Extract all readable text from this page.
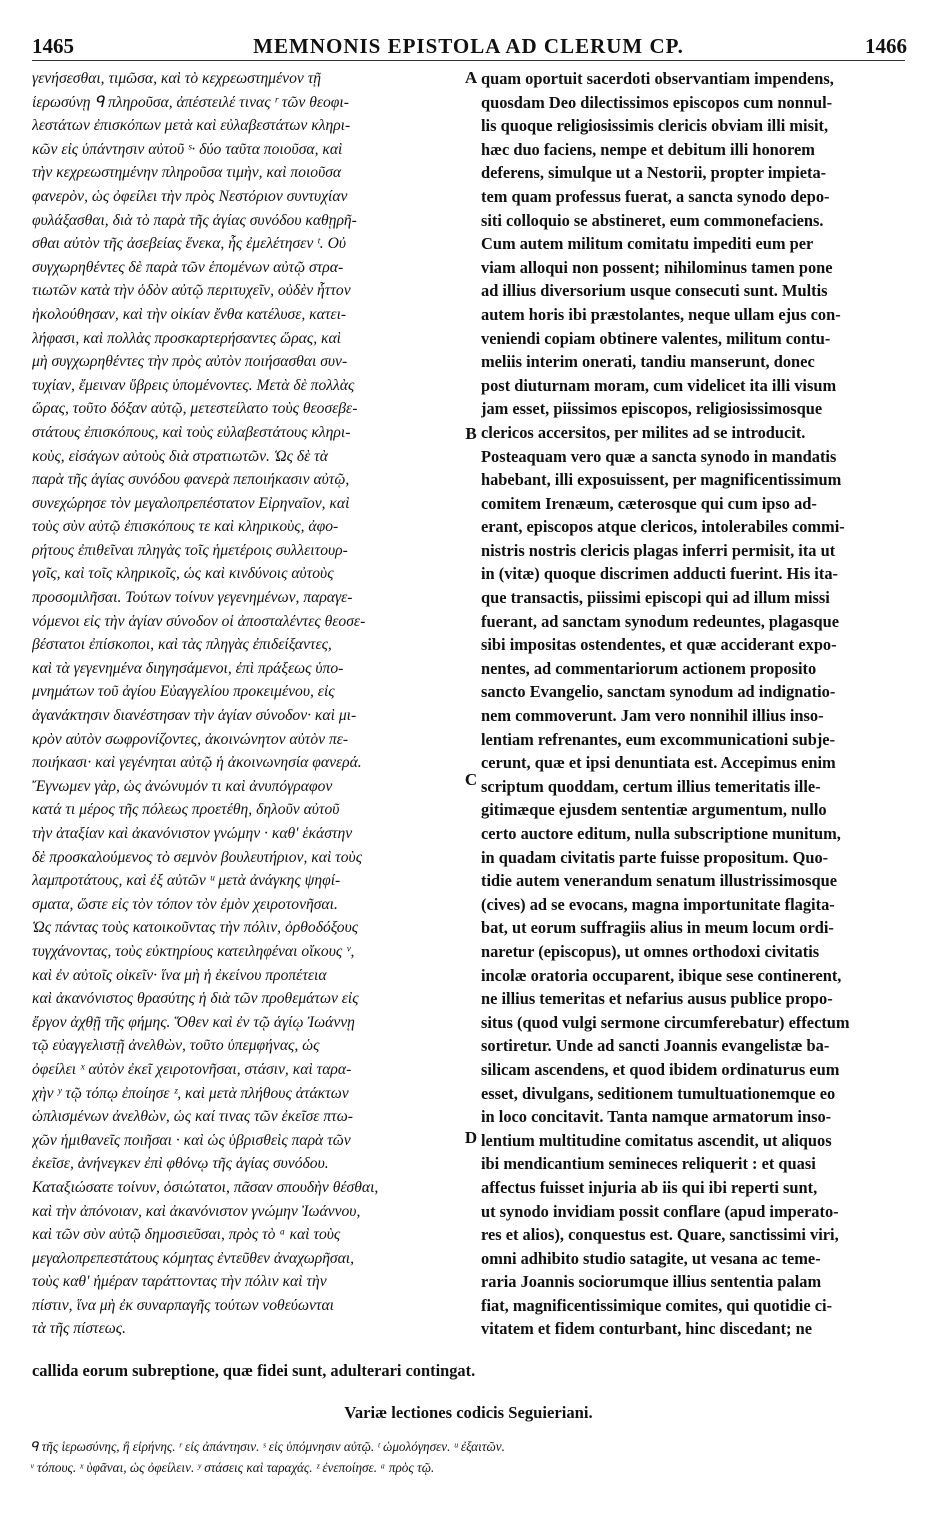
1465	MEMNONIS EPISTOLA AD CLERUM CP.	1466
γενήσεσθαι, τιμῶσα, καὶ τὸ κεχρεωστημένον τῇ
ἱερωσύνῃ ᑫ πληροῦσα, ἀπέστειλέ τινας ʳ τῶν θεοφι-
λεστάτων ἐπισκόπων μετὰ καὶ εὐλαβεστάτων κληρι-
κῶν εἰς ὑπάντησιν αὐτοῦ ˢ· δύο ταῦτα ποιοῦσα, καὶ
τὴν κεχρεωστημένην πληροῦσα τιμὴν, καὶ ποιοῦσα
φανερὸν, ὡς ὀφείλει τὴν πρὸς Νεστόριον συντυχίαν
φυλάξασθαι, διὰ τὸ παρὰ τῆς ἁγίας συνόδου καθῃρῆ-
σθαι αὐτὸν τῆς ἀσεβείας ἕνεκα, ἧς ἐμελέτησεν ᵗ. Οὐ
συγχωρηθέντες δὲ παρὰ τῶν ἑπομένων αὐτῷ στρα-
τιωτῶν κατὰ τὴν ὁδὸν αὐτῷ περιτυχεῖν, οὐδὲν ἧττον
ἠκολούθησαν, καὶ τὴν οἰκίαν ἔνθα κατέλυσε, κατει-
λήφασι, καὶ πολλὰς προσκαρτερήσαντες ὥρας, καὶ
μὴ συγχωρηθέντες τὴν πρὸς αὐτὸν ποιήσασθαι συν-
τυχίαν, ἔμειναν ὕβρεις ὑπομένοντες. Μετὰ δὲ πολλὰς
ὥρας, τοῦτο δόξαν αὐτῷ, μετεστείλατο τοὺς θεοσεβε-
στάτους ἐπισκόπους, καὶ τοὺς εὐλαβεστάτους κληρι-
κοὺς, εἰσάγων αὐτοὺς διὰ στρατιωτῶν. Ὡς δὲ τὰ
παρὰ τῆς ἁγίας συνόδου φανερὰ πεποιήκασιν αὐτῷ,
συνεχώρησε τὸν μεγαλοπρεπέστατον Εἰρηναῖον, καὶ
τοὺς σὺν αὐτῷ ἐπισκόπους τε καὶ κληρικοὺς, ἀφο-
ρήτους ἐπιθεῖναι πληγὰς τοῖς ἡμετέροις συλλειτουρ-
γοῖς, καὶ τοῖς κληρικοῖς, ὡς καὶ κινδύνοις αὐτοὺς
προσομιλῆσαι. Τούτων τοίνυν γεγενημένων, παραγε-
νόμενοι εἰς τὴν ἁγίαν σύνοδον οἱ ἀποσταλέντες θεοσε-
βέστατοι ἐπίσκοποι, καὶ τὰς πληγὰς ἐπιδείξαντες,
καὶ τὰ γεγενημένα διηγησάμενοι, ἐπὶ πράξεως ὑπο-
μνημάτων τοῦ ἁγίου Εὐαγγελίου προκειμένου, εἰς
ἀγανάκτησιν διανέστησαν τὴν ἁγίαν σύνοδον· καὶ μι-
κρὸν αὐτὸν σωφρονίζοντες, ἀκοινώνητον αὐτὸν πε-
ποιήκασι· καὶ γεγένηται αὐτῷ ἡ ἀκοινωνησία φανερά.
Ἔγνωμεν γὰρ, ὡς ἀνώνυμόν τι καὶ ἀνυπόγραφον
κατά τι μέρος τῆς πόλεως προετέθη, δηλοῦν αὐτοῦ
τὴν ἀταξίαν καὶ ἀκανόνιστον γνώμην · καθ' ἑκάστην
δὲ προσκαλούμενος τὸ σεμνὸν βουλευτήριον, καὶ τοὺς
λαμπροτάτους, καὶ ἐξ αὐτῶν ᵘ μετὰ ἀνάγκης ψηφί-
σματα, ὥστε εἰς τὸν τόπον τὸν ἐμὸν χειροτονῆσαι.
Ὡς πάντας τοὺς κατοικοῦντας τὴν πόλιν, ὀρθοδόξους
τυγχάνοντας, τοὺς εὐκτηρίους κατειληφέναι οἴκους ᵛ,
καὶ ἐν αὐτοῖς οἰκεῖν· ἵνα μὴ ἡ ἐκείνου προπέτεια
καὶ ἀκανόνιστος θρασύτης ἡ διὰ τῶν προθεμάτων εἰς
ἔργον ἀχθῇ τῆς φήμης. Ὅθεν καὶ ἐν τῷ ἁγίῳ Ἰωάννῃ
τῷ εὐαγγελιστῇ ἀνελθὼν, τοῦτο ὑπεμφήνας, ὡς
ὀφείλει ˣ αὐτὸν ἐκεῖ χειροτονῆσαι, στάσιν, καὶ ταρα-
χὴν ʸ τῷ τόπῳ ἐποίησε ᶻ, καὶ μετὰ πλήθους ἀτάκτων
ὡπλισμένων ἀνελθὼν, ὡς καί τινας τῶν ἐκεῖσε πτω-
χῶν ἡμιθανεῖς ποιῆσαι · καὶ ὡς ὑβρισθεὶς παρὰ τῶν
ἐκεῖσε, ἀνήνεγκεν ἐπὶ φθόνῳ τῆς ἁγίας συνόδου.
Καταξιώσατε τοίνυν, ὁσιώτατοι, πᾶσαν σπουδὴν θέσθαι,
καὶ τὴν ἀπόνοιαν, καὶ ἀκανόνιστον γνώμην Ἰωάννου,
καὶ τῶν σὺν αὐτῷ δημοσιεῦσαι, πρὸς τὸ ᵃ καὶ τοὺς
μεγαλοπρεπεστάτους κόμητας ἐντεῦθεν ἀναχωρῆσαι,
τοὺς καθ' ἡμέραν ταράττοντας τὴν πόλιν καὶ τὴν
πίστιν, ἵνα μὴ ἐκ συναρπαγῆς τούτων νοθεύωνται
τὰ τῆς πίστεως.
quam oportuit sacerdoti observantiam impendens,
quosdam Deo dilectissimos episcopos cum nonnul-
lis quoque religiosissimis clericis obviam illi misit,
hæc duo faciens, nempe et debitum illi honorem
deferens, simulque ut a Nestorii, propter impieta-
tem quam professus fuerat, a sancta synodo depo-
siti colloquio se abstineret, eum commonefaciens.
Cum autem militum comitatu impediti eum per
viam alloqui non possent; nihilominus tamen pone
ad illius diversorium usque consecuti sunt. Multis
autem horis ibi præstolantes, neque ullam ejus con-
veniendi copiam obtinere valentes, militum contu-
meliis interim onerati, tandiu manserunt, donec
post diuturnam moram, cum videlicet ita illi visum
jam esset, piissimos episcopos, religiosissimosque
clericos accersitos, per milites ad se introducit.
Posteaquam vero quæ a sancta synodo in mandatis
habebant, illi exposuissent, per magnificentissimum
comitem Irenæum, cæterosque qui cum ipso ad-
erant, episcopos atque clericos, intolerabiles commi-
nistris nostris clericis plagas inferri permisit, ita ut
in (vitæ) quoque discrimen adducti fuerint. His ita-
que transactis, piissimi episcopi qui ad illum missi
fuerant, ad sanctam synodum redeuntes, plagasque
sibi impositas ostendentes, et quæ acciderant expo-
nentes, ad commentariorum actionem proposito
sancto Evangelio, sanctam synodum ad indignatio-
nem commoverunt. Jam vero nonnihil illius inso-
lentiam refrenantes, eum excommunicationi subje-
cerunt, quæ et ipsi denuntiata est. Accepimus enim
scriptum quoddam, certum illius temeritatis ille-
gitimæque ejusdem sententiæ argumentum, nullo
certo auctore editum, nulla subscriptione munitum,
in quadam civitatis parte fuisse propositum. Quo-
tidie autem venerandum senatum illustrissimosque
(cives) ad se evocans, magna importunitate flagita-
bat, ut eorum suffragiis alius in meum locum ordi-
naretur (episcopus), ut omnes orthodoxi civitatis
incolæ oratoria occuparent, ibique sese continerent,
ne illius temeritas et nefarius ausus publice propo-
situs (quod vulgi sermone circumferebatur) effectum
sortiretur. Unde ad sancti Joannis evangelistæ ba-
silicam ascendens, et quod ibidem ordinaturus eum
esset, divulgans, seditionem tumultuationemque eo
in loco concitavit. Tanta namque armatorum inso-
lentium multitudine comitatus ascendit, ut aliquos
ibi mendicantium semineces reliquerit : et quasi
affectus fuisset injuria ab iis qui ibi reperti sunt,
ut synodo invidiam possit conflare (apud imperato-
res et alios), conquestus est. Quare, sanctissimi viri,
omni adhibito studio satagite, ut vesana ac teme-
raria Joannis sociorumque illius sententia palam
fiat, magnificentissimique comites, qui quotidie ci-
vitatem et fidem conturbant, hinc discedant; ne
A
B
C
D
callida eorum subreptione, quæ fidei sunt, adulterari contingat.
Variæ lectiones codicis Seguieriani.
ᑫ τῆς ἱερωσύνης, ἢ εἰρήνης. ʳ εἰς ἀπάντησιν. ˢ εἰς ὑπόμνησιν αὐτῷ. ᵗ ὡμολόγησεν. ᵘ ἐξαιτῶν.
ᵛ τόπους. ˣ ὑφᾶναι, ὡς ὀφείλειν. ʸ στάσεις καὶ ταραχάς. ᶻ ἐνεποίησε. ᵃ πρὸς τῷ.
